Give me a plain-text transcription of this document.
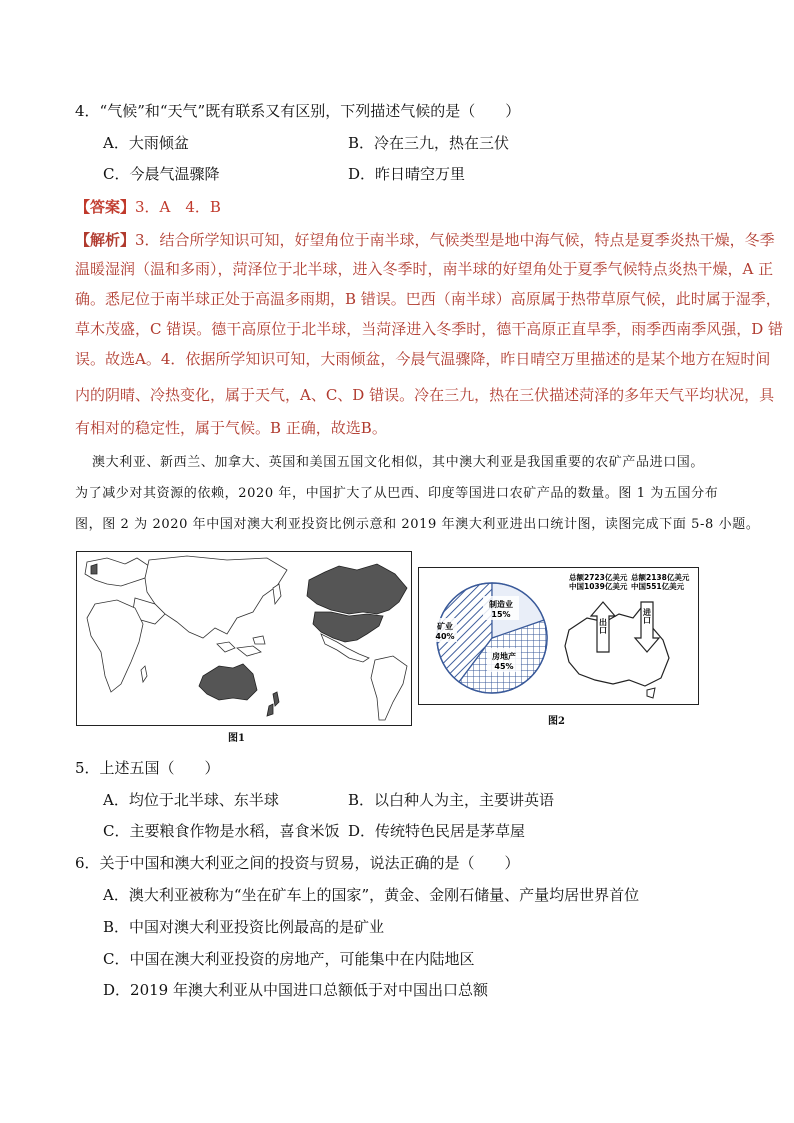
4．“气候”和“天气”既有联系又有区别，下列描述气候的是（　　）
A．大雨倾盆	B．冷在三九，热在三伏
C．今晨气温骤降	D．昨日晴空万里
【答案】3．A　4．B
【解析】3．结合所学知识可知，好望角位于南半球，气候类型是地中海气候，特点是夏季炎热干燥，冬季
温暖湿润（温和多雨），菏泽位于北半球，进入冬季时，南半球的好望角处于夏季气候特点炎热干燥，A 正
确。悉尼位于南半球正处于高温多雨期，B 错误。巴西（南半球）高原属于热带草原气候，此时属于湿季，
草木茂盛，C 错误。德干高原位于北半球，当菏泽进入冬季时，德干高原正直旱季，雨季西南季风强，D 错
误。故选A。4．依据所学知识可知，大雨倾盆，今晨气温骤降，昨日晴空万里描述的是某个地方在短时间
内的阴晴、冷热变化，属于天气，A、C、D 错误。冷在三九，热在三伏描述菏泽的多年天气平均状况，具
有相对的稳定性，属于气候。B 正确，故选B。
澳大利亚、新西兰、加拿大、英国和美国五国文化相似，其中澳大利亚是我国重要的农矿产品进口国。
为了减少对其资源的依赖，2020 年，中国扩大了从巴西、印度等国进口农矿产品的数量。图 1 为五国分布
图，图 2 为 2020 年中国对澳大利亚投资比例示意和 2019 年澳大利亚进出口统计图，读图完成下面 5-8 小题。
图1
制造业
15%
矿业
40%
房地产
45%
总额2723亿美元
中国1039亿美元
总额2138亿美元
中国551亿美元
出口
进口
图2
5．上述五国（　　）
A．均位于北半球、东半球	B．以白种人为主，主要讲英语
C．主要粮食作物是水稻，喜食米饭 D．传统特色民居是茅草屋
6．关于中国和澳大利亚之间的投资与贸易，说法正确的是（　　）
A．澳大利亚被称为“坐在矿车上的国家”，黄金、金刚石储量、产量均居世界首位
B．中国对澳大利亚投资比例最高的是矿业
C．中国在澳大利亚投资的房地产，可能集中在内陆地区
D．2019 年澳大利亚从中国进口总额低于对中国出口总额
